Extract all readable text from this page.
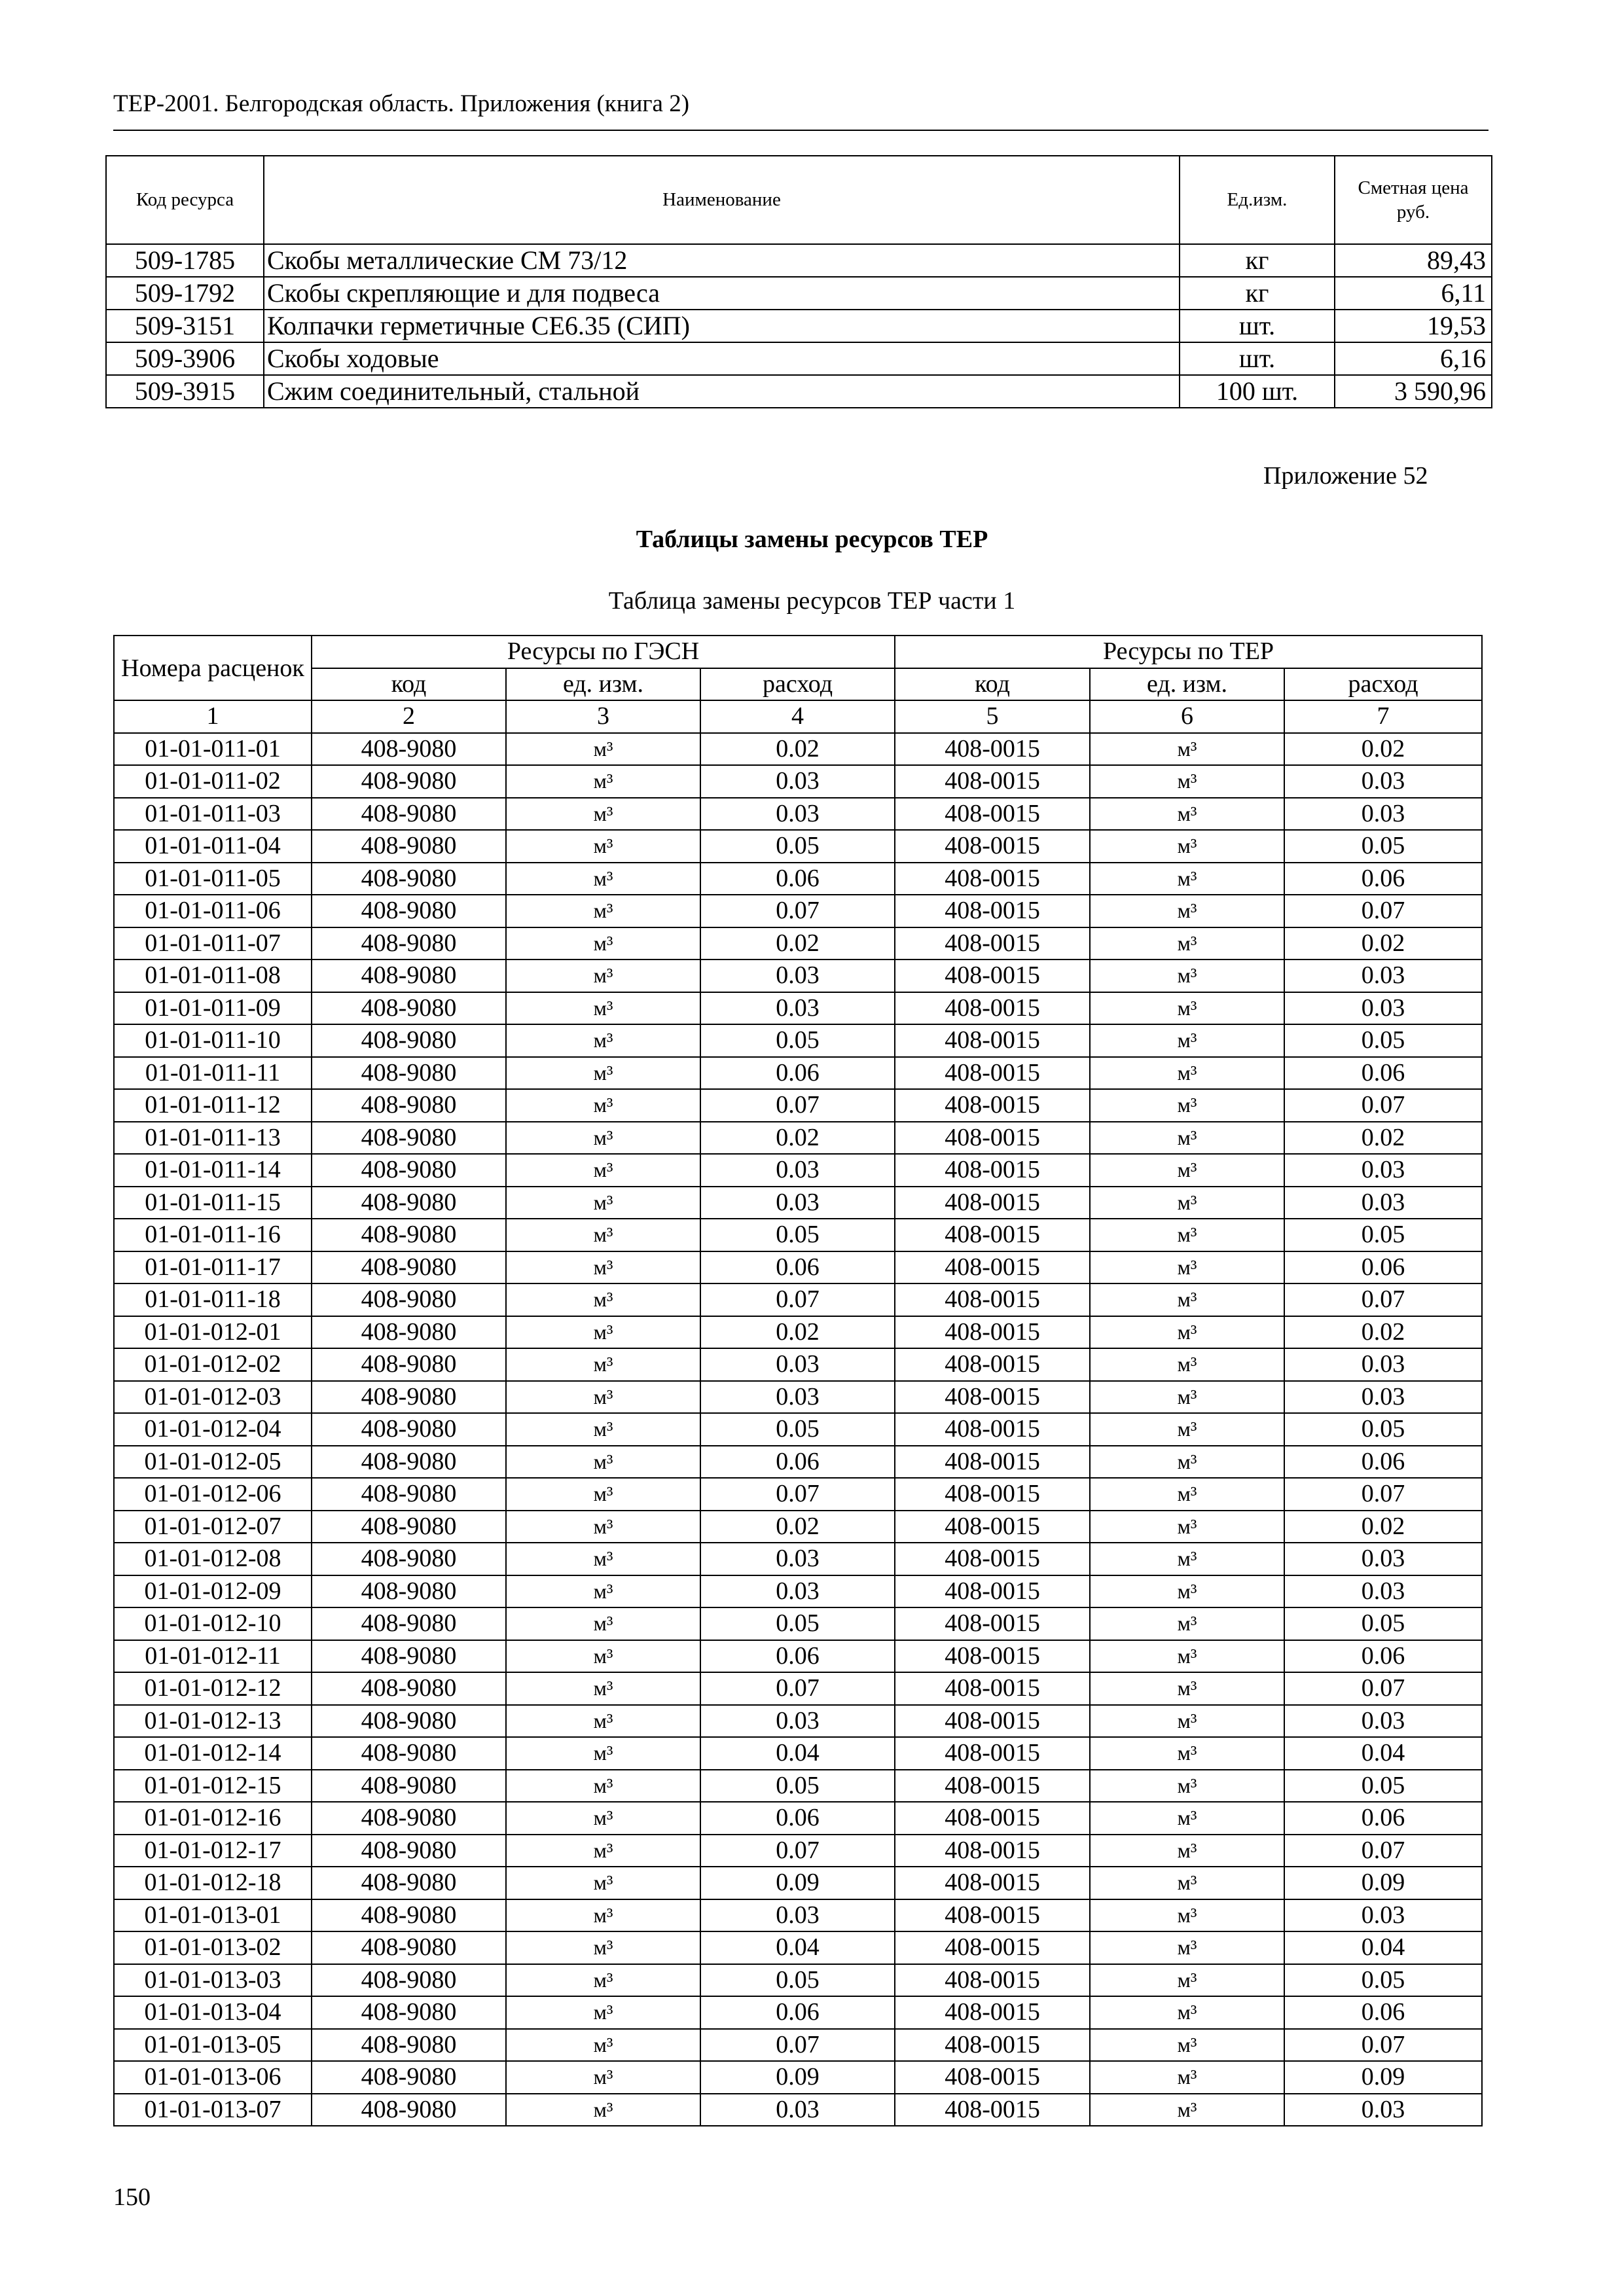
ТЕР-2001. Белгородская область. Приложения (книга 2)
Код ресурса	Наименование	Ед.изм.	Сметная цена руб.
509-1785	Скобы металлические СМ 73/12	кг	89,43
509-1792	Скобы скрепляющие и для подвеса	кг	6,11
509-3151	Колпачки герметичные СЕ6.35 (СИП)	шт.	19,53
509-3906	Скобы ходовые	шт.	6,16
509-3915	Сжим соединительный, стальной	100 шт.	3 590,96
Приложение 52
Таблицы замены ресурсов ТЕР
Таблица замены ресурсов ТЕР части 1
Номера расценок	Ресурсы по ГЭСН			Ресурсы по ТЕР		
	код	ед. изм.	расход	код	ед. изм.	расход
1	2	3	4	5	6	7
01-01-011-01	408-9080	м³	0.02	408-0015	м³	0.02
01-01-011-02	408-9080	м³	0.03	408-0015	м³	0.03
01-01-011-03	408-9080	м³	0.03	408-0015	м³	0.03
01-01-011-04	408-9080	м³	0.05	408-0015	м³	0.05
01-01-011-05	408-9080	м³	0.06	408-0015	м³	0.06
01-01-011-06	408-9080	м³	0.07	408-0015	м³	0.07
01-01-011-07	408-9080	м³	0.02	408-0015	м³	0.02
01-01-011-08	408-9080	м³	0.03	408-0015	м³	0.03
01-01-011-09	408-9080	м³	0.03	408-0015	м³	0.03
01-01-011-10	408-9080	м³	0.05	408-0015	м³	0.05
01-01-011-11	408-9080	м³	0.06	408-0015	м³	0.06
01-01-011-12	408-9080	м³	0.07	408-0015	м³	0.07
01-01-011-13	408-9080	м³	0.02	408-0015	м³	0.02
01-01-011-14	408-9080	м³	0.03	408-0015	м³	0.03
01-01-011-15	408-9080	м³	0.03	408-0015	м³	0.03
01-01-011-16	408-9080	м³	0.05	408-0015	м³	0.05
01-01-011-17	408-9080	м³	0.06	408-0015	м³	0.06
01-01-011-18	408-9080	м³	0.07	408-0015	м³	0.07
01-01-012-01	408-9080	м³	0.02	408-0015	м³	0.02
01-01-012-02	408-9080	м³	0.03	408-0015	м³	0.03
01-01-012-03	408-9080	м³	0.03	408-0015	м³	0.03
01-01-012-04	408-9080	м³	0.05	408-0015	м³	0.05
01-01-012-05	408-9080	м³	0.06	408-0015	м³	0.06
01-01-012-06	408-9080	м³	0.07	408-0015	м³	0.07
01-01-012-07	408-9080	м³	0.02	408-0015	м³	0.02
01-01-012-08	408-9080	м³	0.03	408-0015	м³	0.03
01-01-012-09	408-9080	м³	0.03	408-0015	м³	0.03
01-01-012-10	408-9080	м³	0.05	408-0015	м³	0.05
01-01-012-11	408-9080	м³	0.06	408-0015	м³	0.06
01-01-012-12	408-9080	м³	0.07	408-0015	м³	0.07
01-01-012-13	408-9080	м³	0.03	408-0015	м³	0.03
01-01-012-14	408-9080	м³	0.04	408-0015	м³	0.04
01-01-012-15	408-9080	м³	0.05	408-0015	м³	0.05
01-01-012-16	408-9080	м³	0.06	408-0015	м³	0.06
01-01-012-17	408-9080	м³	0.07	408-0015	м³	0.07
01-01-012-18	408-9080	м³	0.09	408-0015	м³	0.09
01-01-013-01	408-9080	м³	0.03	408-0015	м³	0.03
01-01-013-02	408-9080	м³	0.04	408-0015	м³	0.04
01-01-013-03	408-9080	м³	0.05	408-0015	м³	0.05
01-01-013-04	408-9080	м³	0.06	408-0015	м³	0.06
01-01-013-05	408-9080	м³	0.07	408-0015	м³	0.07
01-01-013-06	408-9080	м³	0.09	408-0015	м³	0.09
01-01-013-07	408-9080	м³	0.03	408-0015	м³	0.03
150
